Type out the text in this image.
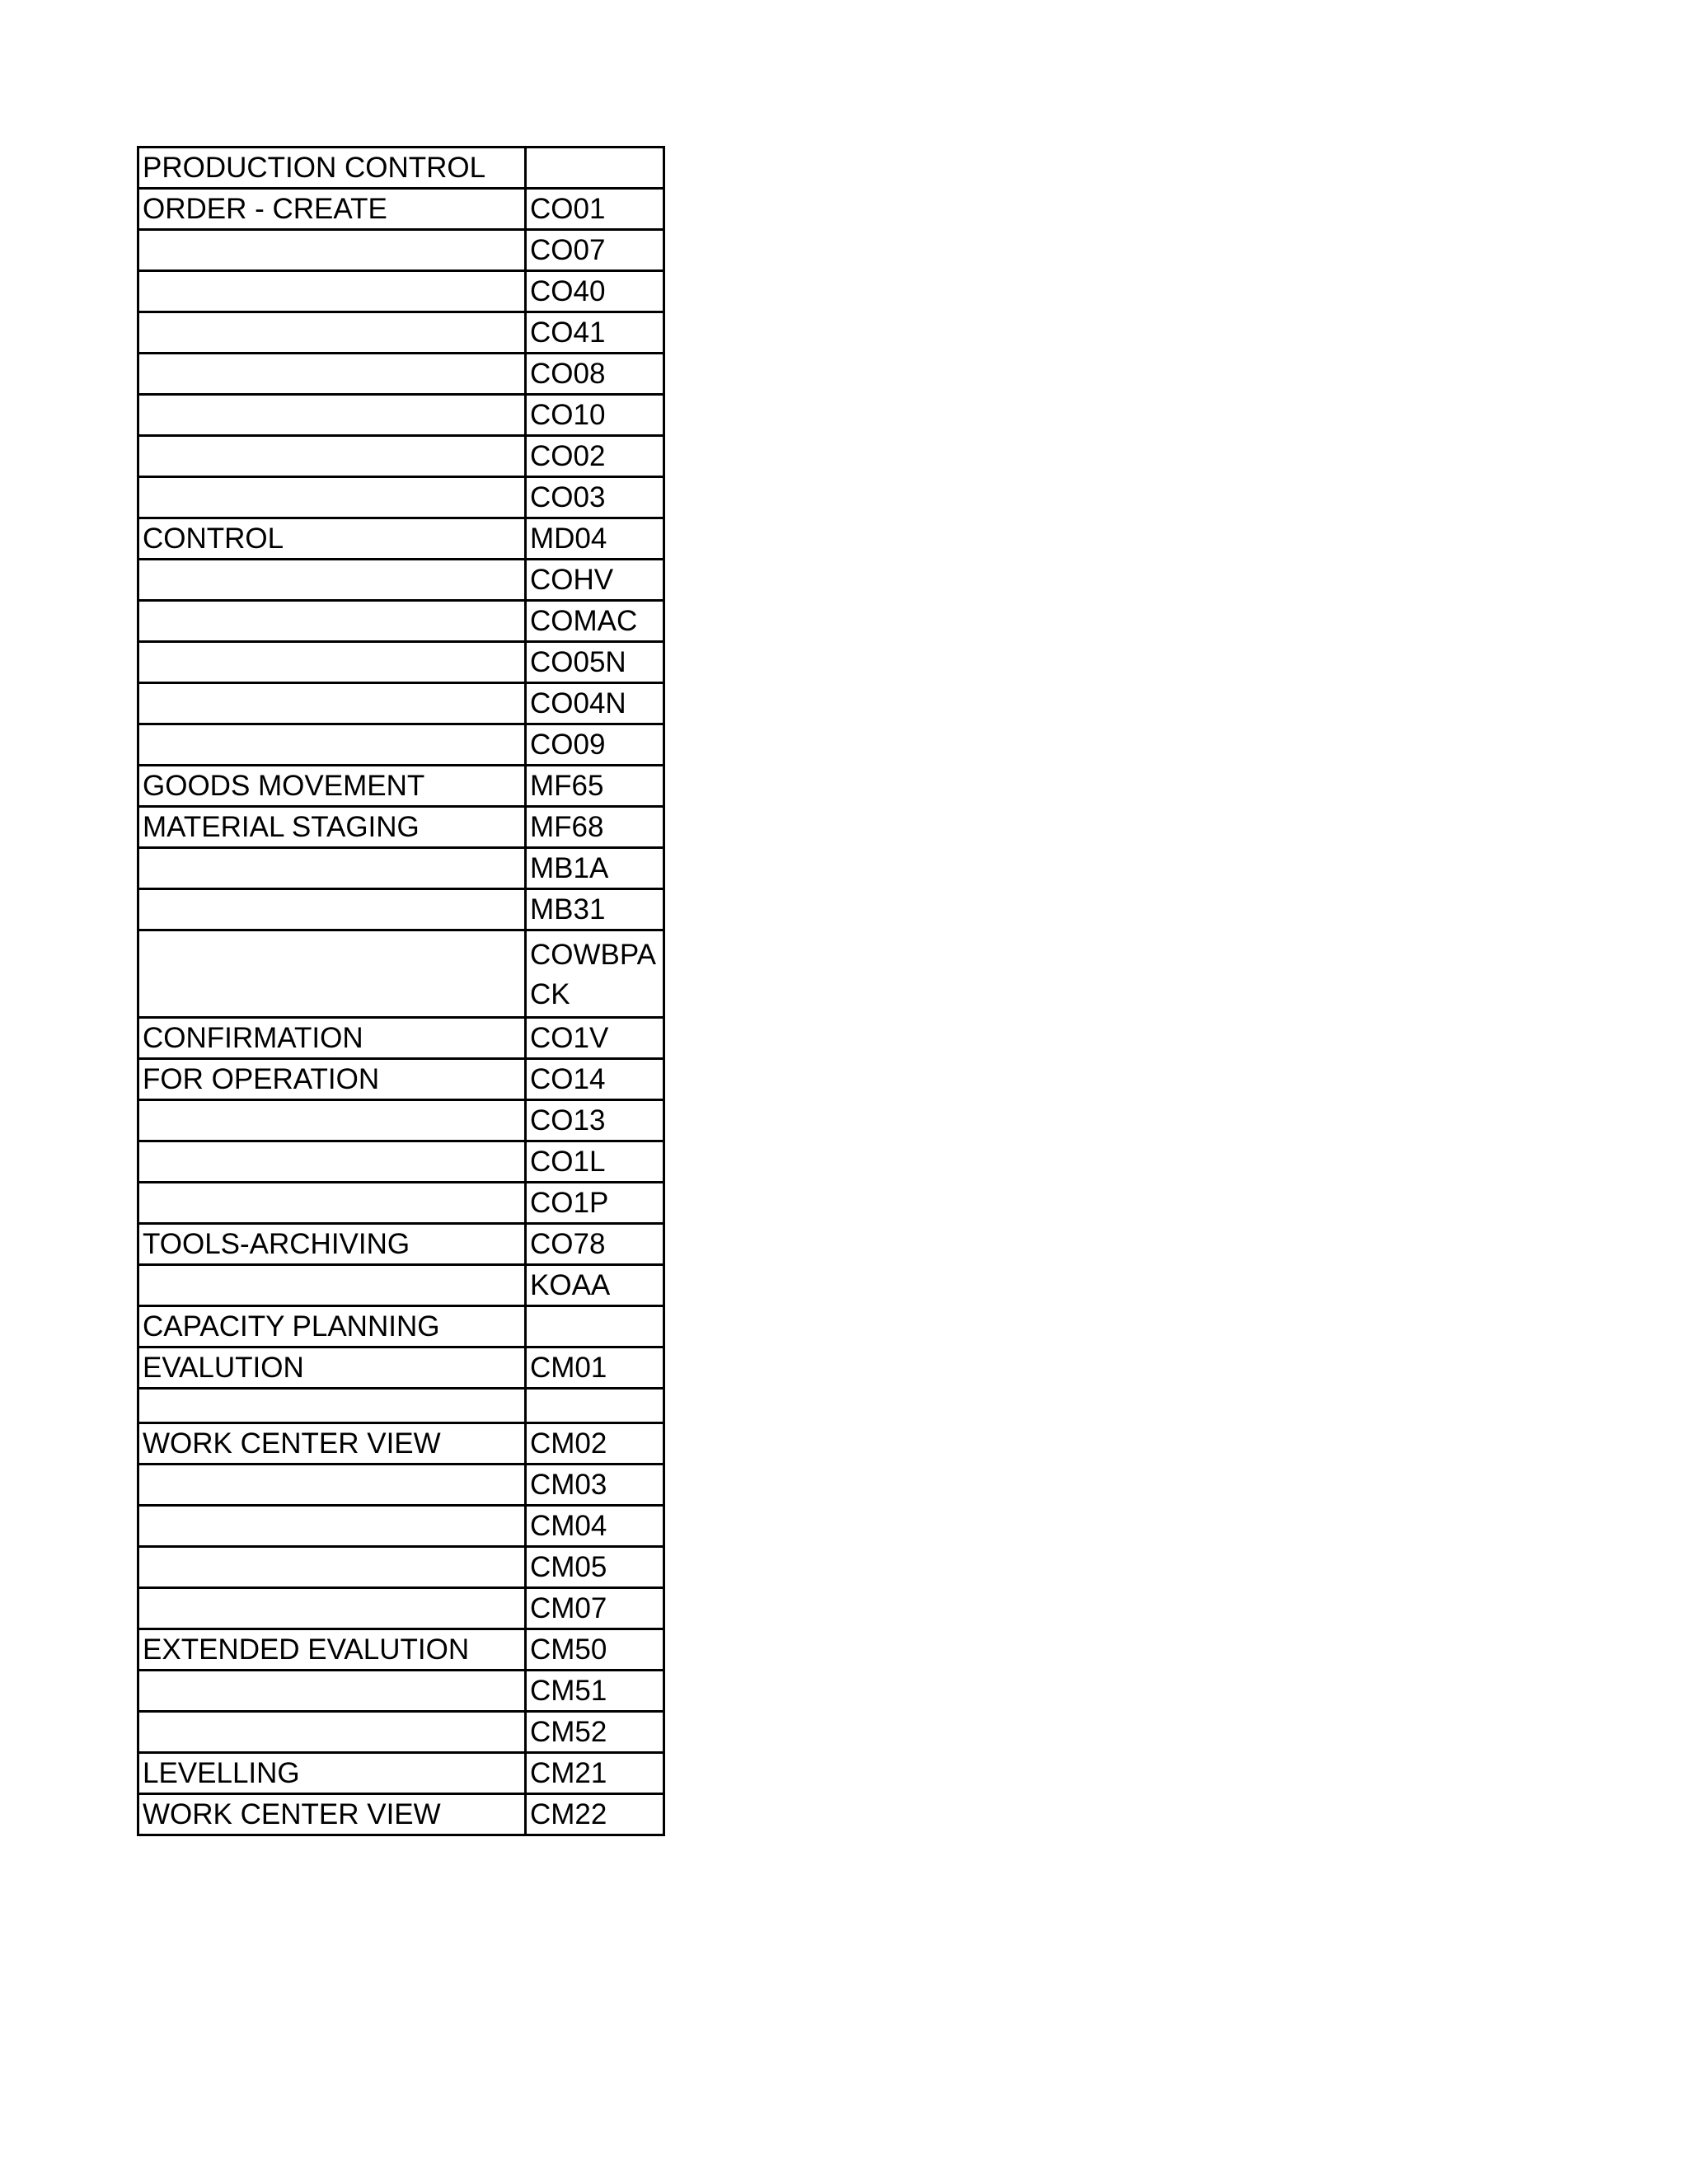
PRODUCTION CONTROL	
ORDER - CREATE	CO01
	CO07
	CO40
	CO41
	CO08
	CO10
	CO02
	CO03
CONTROL	MD04
	COHV
	COMAC
	CO05N
	CO04N
	CO09
GOODS MOVEMENT	MF65
MATERIAL STAGING	MF68
	MB1A
	MB31
	COWBPACK
CONFIRMATION	CO1V
FOR OPERATION	CO14
	CO13
	CO1L
	CO1P
TOOLS-ARCHIVING	CO78
	KOAA
CAPACITY PLANNING	
EVALUTION	CM01

WORK CENTER VIEW	CM02
	CM03
	CM04
	CM05
	CM07
EXTENDED EVALUTION	CM50
	CM51
	CM52
LEVELLING	CM21
WORK CENTER VIEW	CM22
